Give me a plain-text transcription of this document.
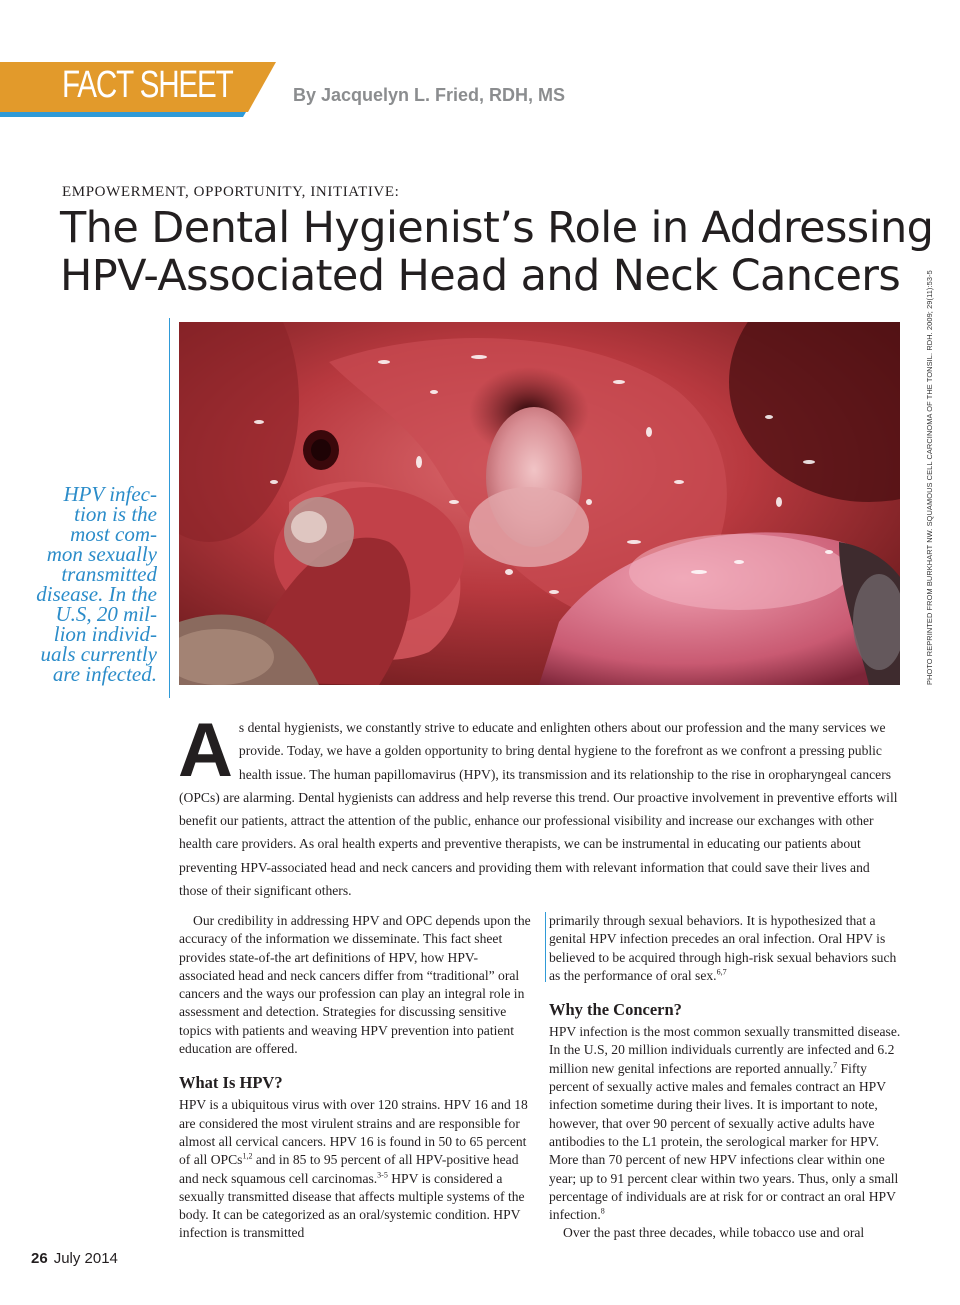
FACT SHEET	By Jacquelyn L. Fried, RDH, MS
EMPOWERMENT, OPPORTUNITY, INITIATIVE:
The Dental Hygienist’s Role in Addressing
HPV-Associated Head and Neck Cancers	PHOTO REPRINTED FROM BURKHART NW. SQUAMOUS CELL CARCINOMA OF THE TONSIL. RDH. 2009; 29(11):53-5
HPV infec-
tion is the
most com-
mon sexually
transmitted
disease. In the
U.S, 20 mil-
lion individ-
uals currently
are infected.
A s dental hygienists, we constantly strive to educate and enlighten others about our profession and the many services we provide. Today, we have a golden opportunity to bring dental hygiene to the forefront as we confront a pressing public health issue. The human papillomavirus (HPV), its transmission and its relationship to the rise in oropharyngeal cancers (OPCs) are alarming. Dental hygienists can address and help reverse this trend. Our proactive involvement in preventive efforts will benefit our patients, attract the attention of the public, enhance our professional visibility and increase our exchanges with other health care providers. As oral health experts and preventive therapists, we can be instrumental in educating our patients about preventing HPV-associated head and neck cancers and providing them with relevant information that could save their lives and those of their significant others.

Our credibility in addressing HPV and OPC depends upon the accuracy of the information we disseminate. This fact sheet provides state-of-the art definitions of HPV, how HPV-associated head and neck cancers differ from “traditional” oral cancers and the ways our profession can play an integral role in assessment and detection. Strategies for discussing sensitive topics with patients and weaving HPV prevention into patient education are offered.

What Is HPV?

HPV is a ubiquitous virus with over 120 strains. HPV 16 and 18 are considered the most virulent strains and are responsible for almost all cervical cancers. HPV 16 is found in 50 to 65 percent of all OPCs$^{1,2}$ and in 85 to 95 percent of all HPV-positive head and neck squamous cell carcinomas.$^{3-5}$ HPV is considered a sexually transmitted disease that affects multiple systems of the body. It can be categorized as an oral/systemic condition. HPV infection is transmitted

primarily through sexual behaviors. It is hypothesized that a genital HPV infection precedes an oral infection. Oral HPV is believed to be acquired through high-risk sexual behaviors such as the performance of oral sex.$^{6,7}$

Why the Concern?

HPV infection is the most common sexually transmitted disease. In the U.S, 20 million individuals currently are infected and 6.2 million new genital infections are reported annually.$^7$ Fifty percent of sexually active males and females contract an HPV infection sometime during their lives. It is important to note, however, that over 90 percent of sexually active adults have antibodies to the L1 protein, the serological marker for HPV. More than 70 percent of new HPV infections clear within one year; up to 91 percent clear within two years. Thus, only a small percentage of individuals are at risk for or contract an oral HPV infection.$^8$

Over the past three decades, while tobacco use and oral

26 July 2014
